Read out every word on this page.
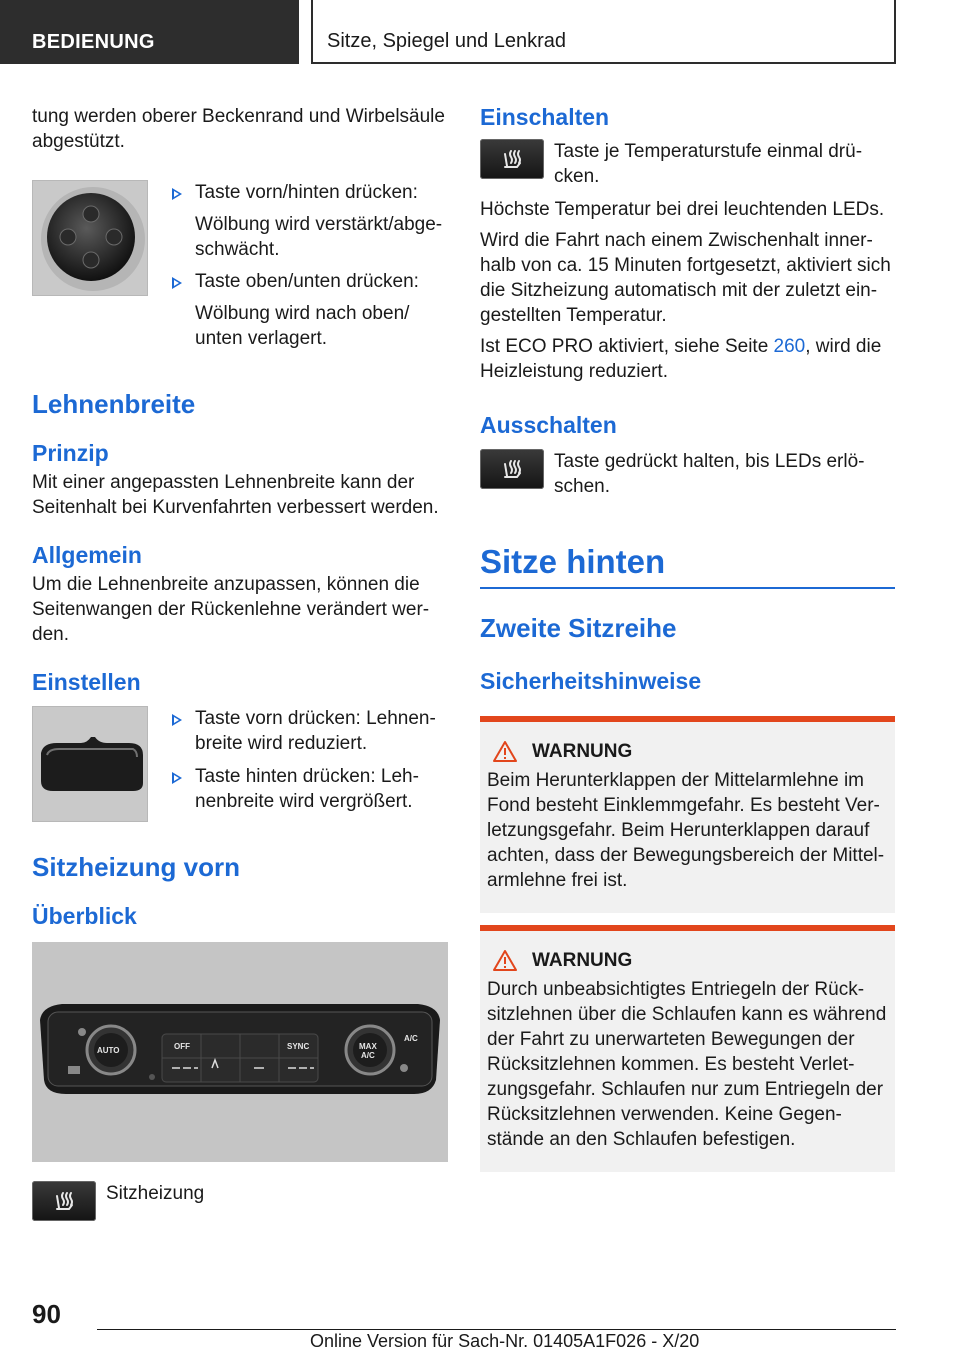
BEDIENUNG	Sitze, Spiegel und Lenkrad

tung werden oberer Beckenrand und Wirbelsäule abgestützt.

Taste vorn/hinten drücken:
Wölbung wird verstärkt/abge‐schwächt.
Taste oben/unten drücken:
Wölbung wird nach oben/ unten verlagert.
Lehnenbreite
Prinzip

Mit einer angepassten Lehnenbreite kann der Seitenhalt bei Kurvenfahrten verbessert werden.

Allgemein

Um die Lehnenbreite anzupassen, können die Seitenwangen der Rückenlehne verändert wer‐den.

Einstellen
Taste vorn drücken: Lehnen‐breite wird reduziert.
Taste hinten drücken: Leh‐nenbreite wird vergrößert.
Sitzheizung vorn
Überblick
AUTO	OFF	SYNC
A/C
MAX
A/C
Sitzheizung
Einschalten
Taste je Temperaturstufe einmal drü‐cken.

Höchste Temperatur bei drei leuchtenden LEDs.

Wird die Fahrt nach einem Zwischenhalt inner‐halb von ca. 15 Minuten fortgesetzt, aktiviert sich die Sitzheizung automatisch mit der zuletzt ein‐gestellten Temperatur.

Ist ECO PRO aktiviert, siehe Seite 260, wird die Heizleistung reduziert.

Ausschalten
Taste gedrückt halten, bis LEDs erlö‐schen.
Sitze hinten
Zweite Sitzreihe
Sicherheitshinweise
WARNUNG

Beim Herunterklappen der Mittelarmlehne im Fond besteht Einklemmgefahr. Es besteht Ver‐letzungsgefahr. Beim Herunterklappen darauf achten, dass der Bewegungsbereich der Mittel‐armlehne frei ist.

WARNUNG

Durch unbeabsichtigtes Entriegeln der Rück‐sitzlehnen über die Schlaufen kann es während der Fahrt zu unerwarteten Bewegungen der Rücksitzlehnen kommen. Es besteht Verlet‐zungsgefahr. Schlaufen nur zum Entriegeln der Rücksitzlehnen verwenden. Keine Gegen‐stände an den Schlaufen befestigen.

90
Online Version für Sach-Nr. 01405A1F026 - X/20
